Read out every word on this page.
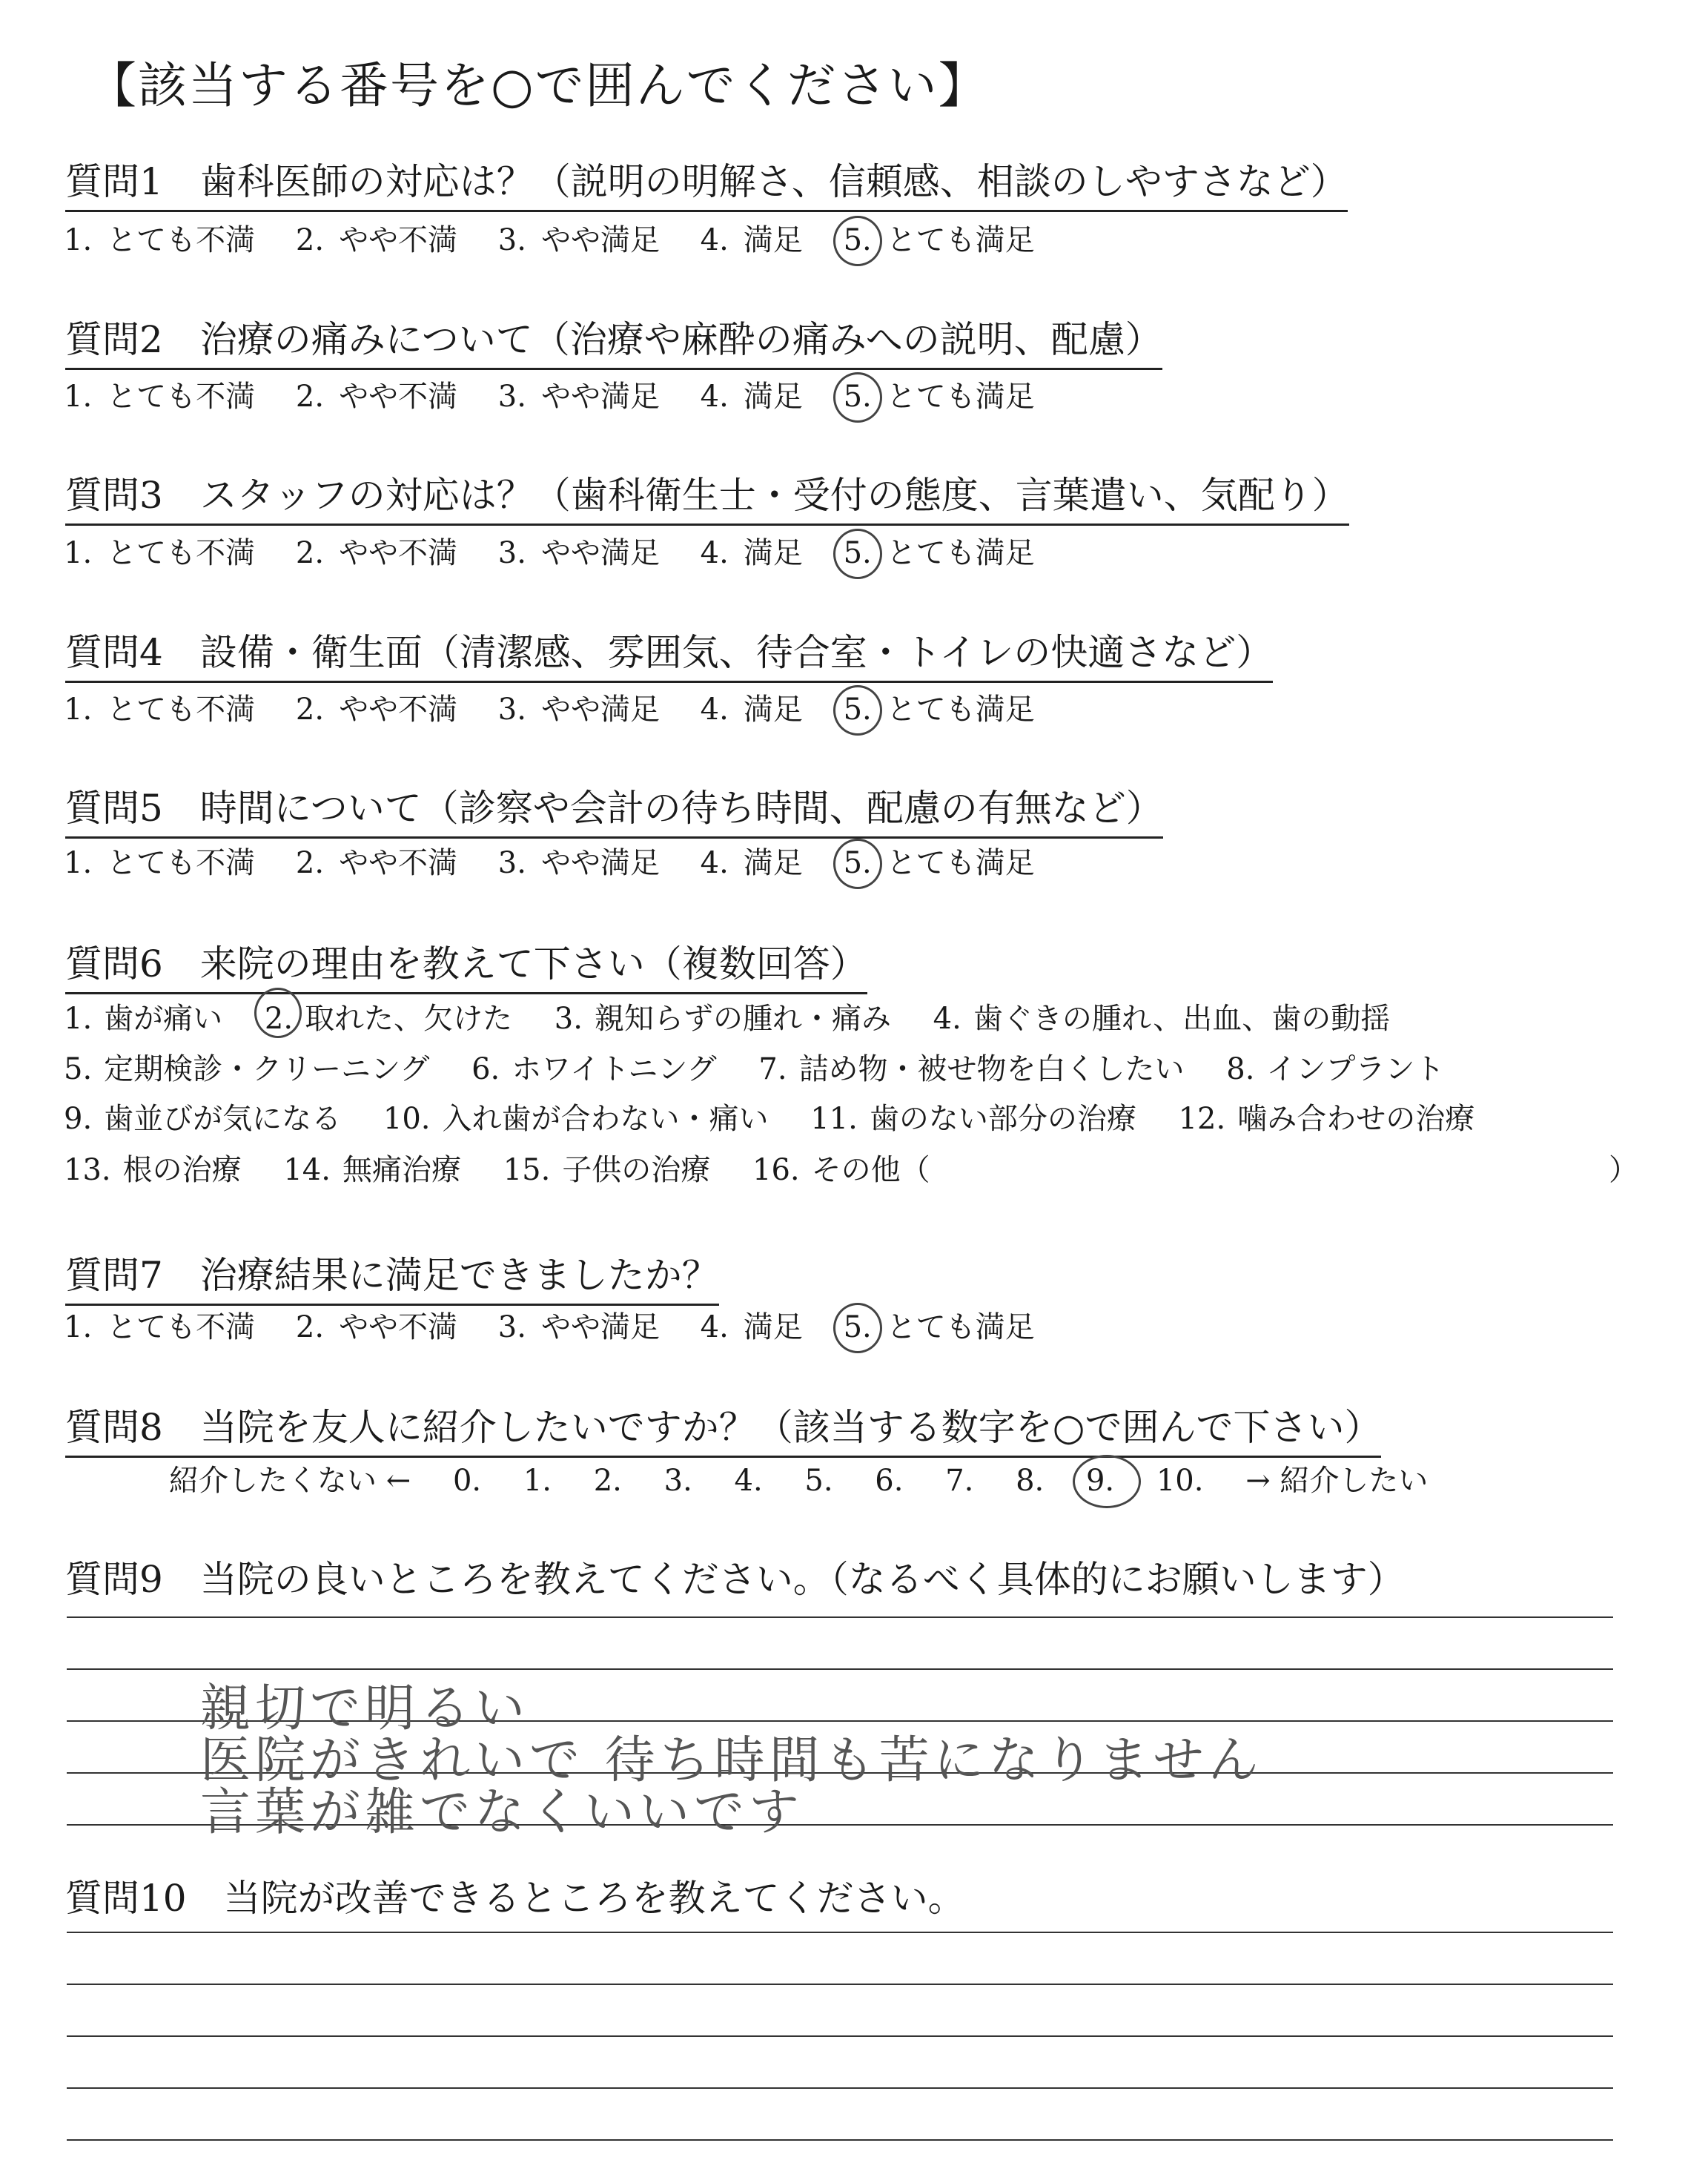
【該当する番号を○で囲んでください】
質問1　歯科医師の対応は？（説明の明解さ、信頼感、相談のしやすさなど）
1. とても不満 2. やや不満 3. やや満足 4. 満足 5. とても満足
質問2　治療の痛みについて（治療や麻酔の痛みへの説明、配慮）
1. とても不満 2. やや不満 3. やや満足 4. 満足 5. とても満足
質問3　スタッフの対応は？（歯科衛生士・受付の態度、言葉遣い、気配り）
1. とても不満 2. やや不満 3. やや満足 4. 満足 5. とても満足
質問4　設備・衛生面（清潔感、雰囲気、待合室・トイレの快適さなど）
1. とても不満 2. やや不満 3. やや満足 4. 満足 5. とても満足
質問5　時間について（診察や会計の待ち時間、配慮の有無など）
1. とても不満 2. やや不満 3. やや満足 4. 満足 5. とても満足
質問6　来院の理由を教えて下さい（複数回答）
1. 歯が痛い 2. 取れた、欠けた 3. 親知らずの腫れ・痛み 4. 歯ぐきの腫れ、出血、歯の動揺
5. 定期検診・クリーニング 6. ホワイトニング 7. 詰め物・被せ物を白くしたい 8. インプラント
9. 歯並びが気になる 10. 入れ歯が合わない・痛い 11. 歯のない部分の治療 12. 噛み合わせの治療
13. 根の治療 14. 無痛治療 15. 子供の治療 16. その他（	）
質問7　治療結果に満足できましたか？
1. とても不満 2. やや不満 3. やや満足 4. 満足 5. とても満足
質問8　当院を友人に紹介したいですか？（該当する数字を○で囲んで下さい）
紹介したくない ← 0. 1. 2. 3. 4. 5. 6. 7. 8. 9. 10. → 紹介したい
質問9　当院の良いところを教えてください。（なるべく具体的にお願いします）
親切で明るい
医院がきれいで 待ち時間も苦になりません
言葉が雑でなくいいです
質問10　当院が改善できるところを教えてください。
